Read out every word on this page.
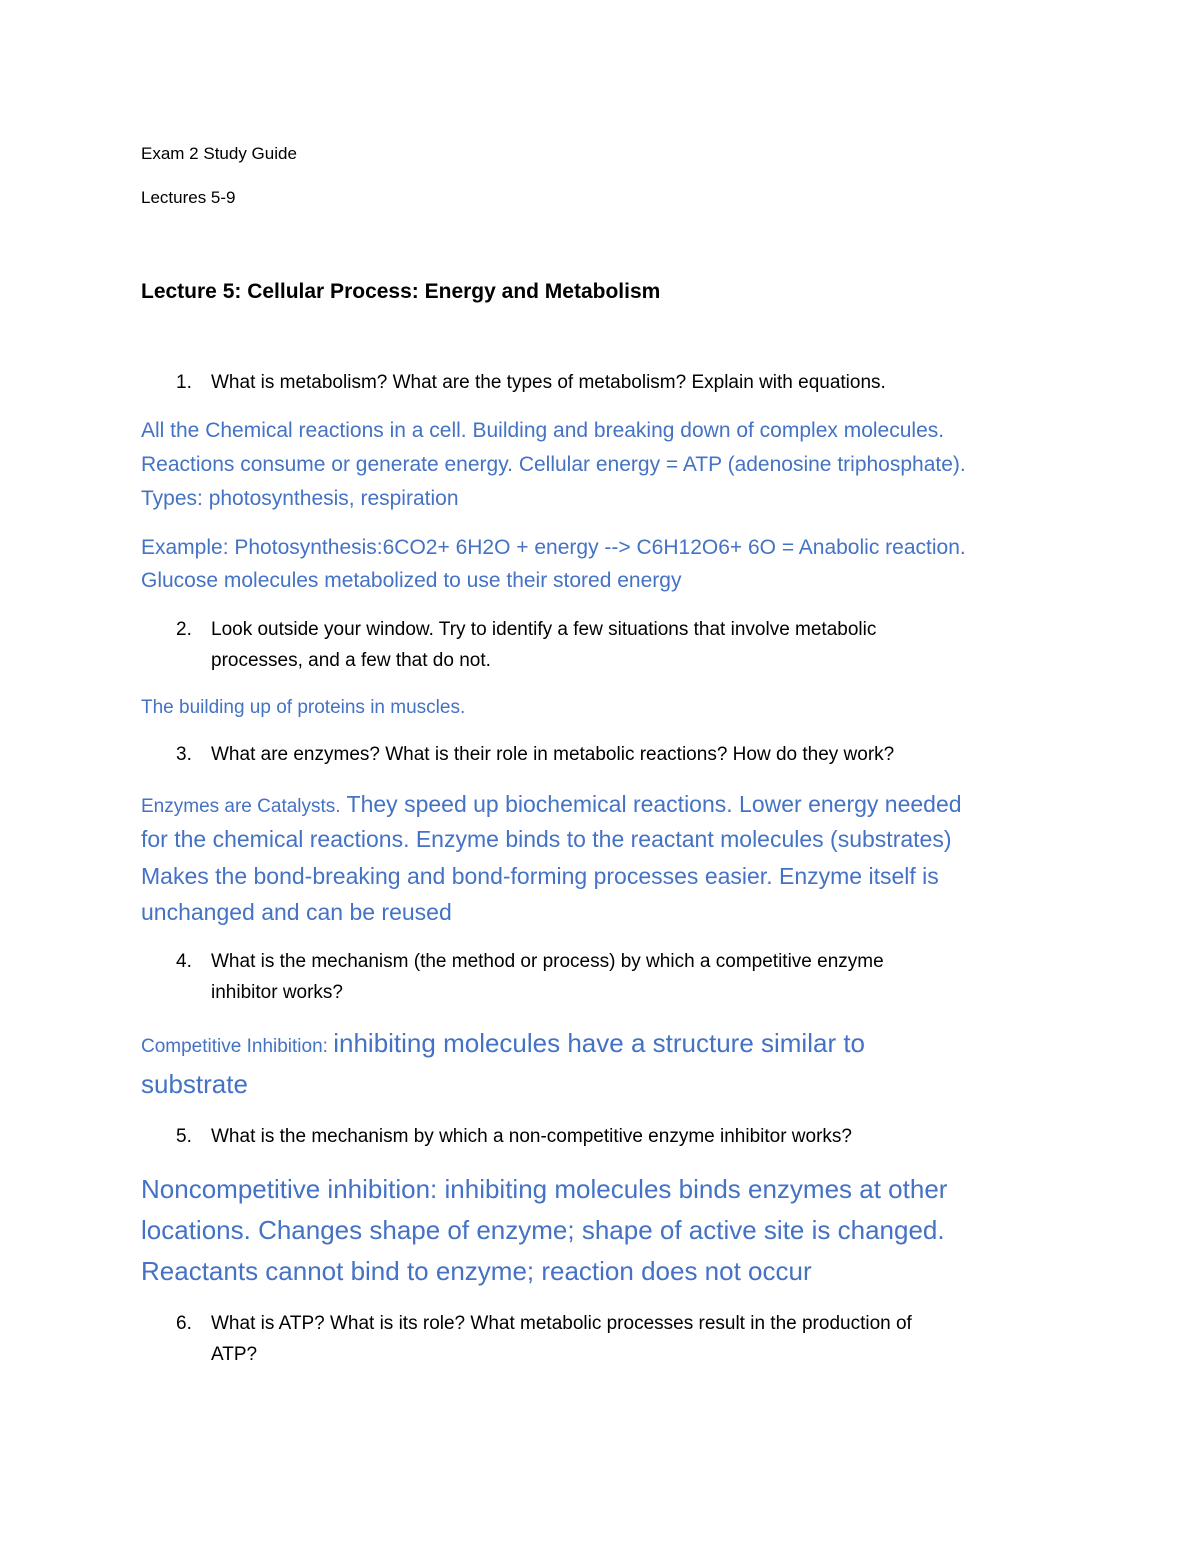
Exam 2 Study Guide

Lectures 5-9

Lecture 5: Cellular Process: Energy and Metabolism

1. What is metabolism? What are the types of metabolism? Explain with equations.

All the Chemical reactions in a cell. Building and breaking down of complex molecules.

Reactions consume or generate energy. Cellular energy = ATP (adenosine triphosphate).

Types: photosynthesis, respiration

Example: Photosynthesis:6CO2+ 6H2O + energy --> C6H12O6+ 6O = Anabolic reaction.

Glucose molecules metabolized to use their stored energy

2. Look outside your window. Try to identify a few situations that involve metabolic
processes, and a few that do not.

The building up of proteins in muscles.

3. What are enzymes? What is their role in metabolic reactions? How do they work?

Enzymes are Catalysts. They speed up biochemical reactions. Lower energy needed

for the chemical reactions. Enzyme binds to the reactant molecules (substrates)

Makes the bond-breaking and bond-forming processes easier. Enzyme itself is

unchanged and can be reused

4. What is the mechanism (the method or process) by which a competitive enzyme
inhibitor works?

Competitive Inhibition: inhibiting molecules have a structure similar to

substrate

5. What is the mechanism by which a non-competitive enzyme inhibitor works?

Noncompetitive inhibition: inhibiting molecules binds enzymes at other

locations. Changes shape of enzyme; shape of active site is changed.

Reactants cannot bind to enzyme; reaction does not occur

6. What is ATP? What is its role? What metabolic processes result in the production of
ATP?
